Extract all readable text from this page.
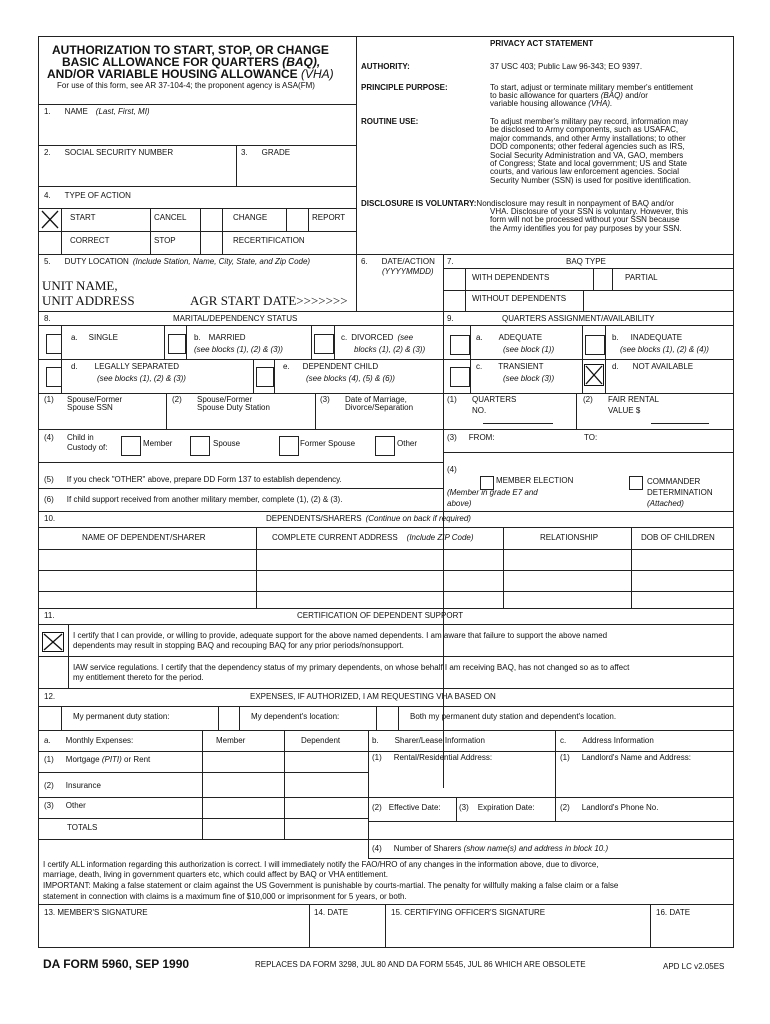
AUTHORIZATION TO START, STOP, OR CHANGE
BASIC ALLOWANCE FOR QUARTERS (BAQ),
AND/OR VARIABLE HOUSING ALLOWANCE (VHA)
For use of this form, see AR 37-104-4; the proponent agency is ASA(FM)
PRIVACY ACT STATEMENT
AUTHORITY:	37 USC 403; Public Law 96-343; EO 9397.
PRINCIPLE PURPOSE:	To start, adjust or terminate military member's entitlement
to basic allowance for quarters (BAQ) and/or
variable housing allowance (VHA).
ROUTINE USE:	To adjust member's military pay record, information may
be disclosed to Army components, such as USAFAC,
major commands, and other Army installations; to other
DOD components; other federal agencies such as IRS,
Social Security Administration and VA, GAO, members
of Congress; State and local government; US and State
courts, and various law enforcement agencies. Social
Security Number (SSN) is used for positive identification.
DISCLOSURE IS VOLUNTARY:Nondisclosure may result in nonpayment of BAQ and/or
VHA. Disclosure of your SSN is voluntary. However, this
form will not be processed without your SSN because
the Army identifies you for pay purposes by your SSN.
1. NAME (Last, First, MI)
2. SOCIAL SECURITY NUMBER	3. GRADE
4. TYPE OF ACTION
START	CANCEL	CHANGE	REPORT
CORRECT	STOP	RECERTIFICATION
5. DUTY LOCATION (Include Station, Name, City, State, and Zip Code)
UNIT NAME,
UNIT ADDRESS	AGR START DATE>>>>>>>
6. DATE/ACTION
(YYYYMMDD)
7.	BAQ TYPE
WITH DEPENDENTS	PARTIAL
WITHOUT DEPENDENTS
8.	MARITAL/DEPENDENCY STATUS
a. SINGLE	b. MARRIED
(see blocks (1), (2) & (3))
c. DIVORCED (see
blocks (1), (2) & (3))
d. LEGALLY SEPARATED
(see blocks (1), (2) & (3))
e. DEPENDENT CHILD
(see blocks (4), (5) & (6))
(1) Spouse/Former
Spouse SSN
(2) Spouse/Former
Spouse Duty Station
(3) Date of Marriage,
Divorce/Separation
(4) Child in
Custody of:	Member	Spouse	Former Spouse	Other
(5) If you check "OTHER" above, prepare DD Form 137 to establish dependency.
(6) If child support received from another military member, complete (1), (2) & (3).
9.	QUARTERS ASSIGNMENT/AVAILABILITY
a. ADEQUATE
(see block (1))
b. INADEQUATE
(see blocks (1), (2) & (4))
c. TRANSIENT
(see block (3))
d. NOT AVAILABLE
(1) QUARTERS
NO.
(2) FAIR RENTAL
VALUE $
(3) FROM:	TO:
(4)
MEMBER ELECTION
(Member in grade E7 and
above)
COMMANDER
DETERMINATION
(Attached)
10.	DEPENDENTS/SHARERS (Continue on back if required)
NAME OF DEPENDENT/SHARER	COMPLETE CURRENT ADDRESS (Include ZIP Code)	RELATIONSHIP	DOB OF CHILDREN
11.	CERTIFICATION OF DEPENDENT SUPPORT
I certify that I can provide, or willing to provide, adequate support for the above named dependents. I am aware that failure to support the above named
dependents may result in stopping BAQ and recouping BAQ for any prior periods/nonsupport.
IAW service regulations. I certify that the dependency status of my primary dependents, on whose behalf I am receiving BAQ, has not changed so as to affect
my entitlement thereto for the period.
12.	EXPENSES, IF AUTHORIZED, I AM REQUESTING VHA BASED ON
My permanent duty station:	My dependent's location:	Both my permanent duty station and dependent's location.
a. Monthly Expenses:	Member	Dependent	b. Sharer/Lease Information	c. Address Information
(1) Mortgage (PITI) or Rent	(1) Rental/Residential Address:	(1) Landlord's Name and Address:
(2) Insurance
(3) Other	(2) Effective Date: (3) Expiration Date:	(2) Landlord's Phone No.
TOTALS
(4) Number of Sharers (show name(s) and address in block 10.)
I certify ALL information regarding this authorization is correct. I will immediately notify the FAO/HRO of any changes in the information above, due to divorce,
marriage, death, living in government quarters etc, which could affect by BAQ or VHA entitlement.
IMPORTANT: Making a false statement or claim against the US Government is punishable by courts-martial. The penalty for willfully making a false claim or a false
statement in connection with claims is a maximum fine of $10,000 or imprisonment for 5 years, or both.
13. MEMBER'S SIGNATURE	14. DATE	15. CERTIFYING OFFICER'S SIGNATURE	16. DATE
DA FORM 5960, SEP 1990	REPLACES DA FORM 3298, JUL 80 AND DA FORM 5545, JUL 86 WHICH ARE OBSOLETE	APD LC v2.05ES
